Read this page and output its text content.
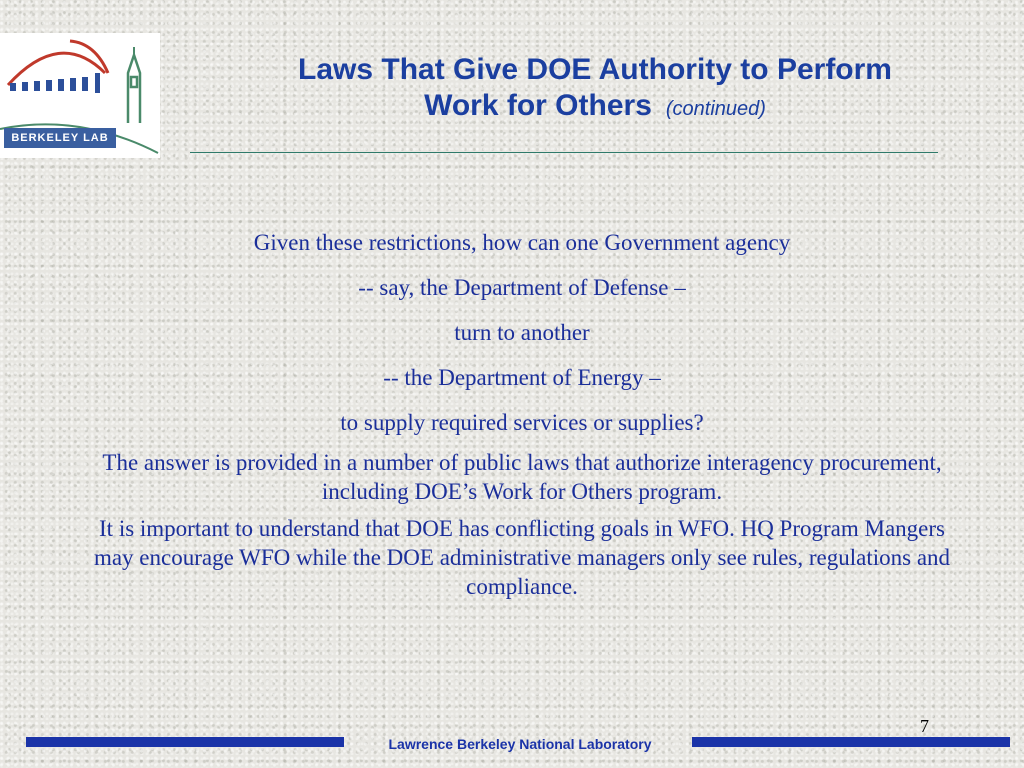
BERKELEY LAB
Laws That Give DOE Authority to Perform
Work for Others (continued)

Given these restrictions, how can one Government agency

-- say, the Department of Defense –

turn to another

-- the Department of Energy –

to supply required services or supplies?

The answer is provided in a number of public laws that authorize interagency procurement, including DOE’s Work for Others program.

It is important to understand that DOE has conflicting goals in WFO. HQ Program Mangers may encourage WFO while the DOE administrative managers only see rules, regulations and compliance.

7
Lawrence Berkeley National Laboratory
